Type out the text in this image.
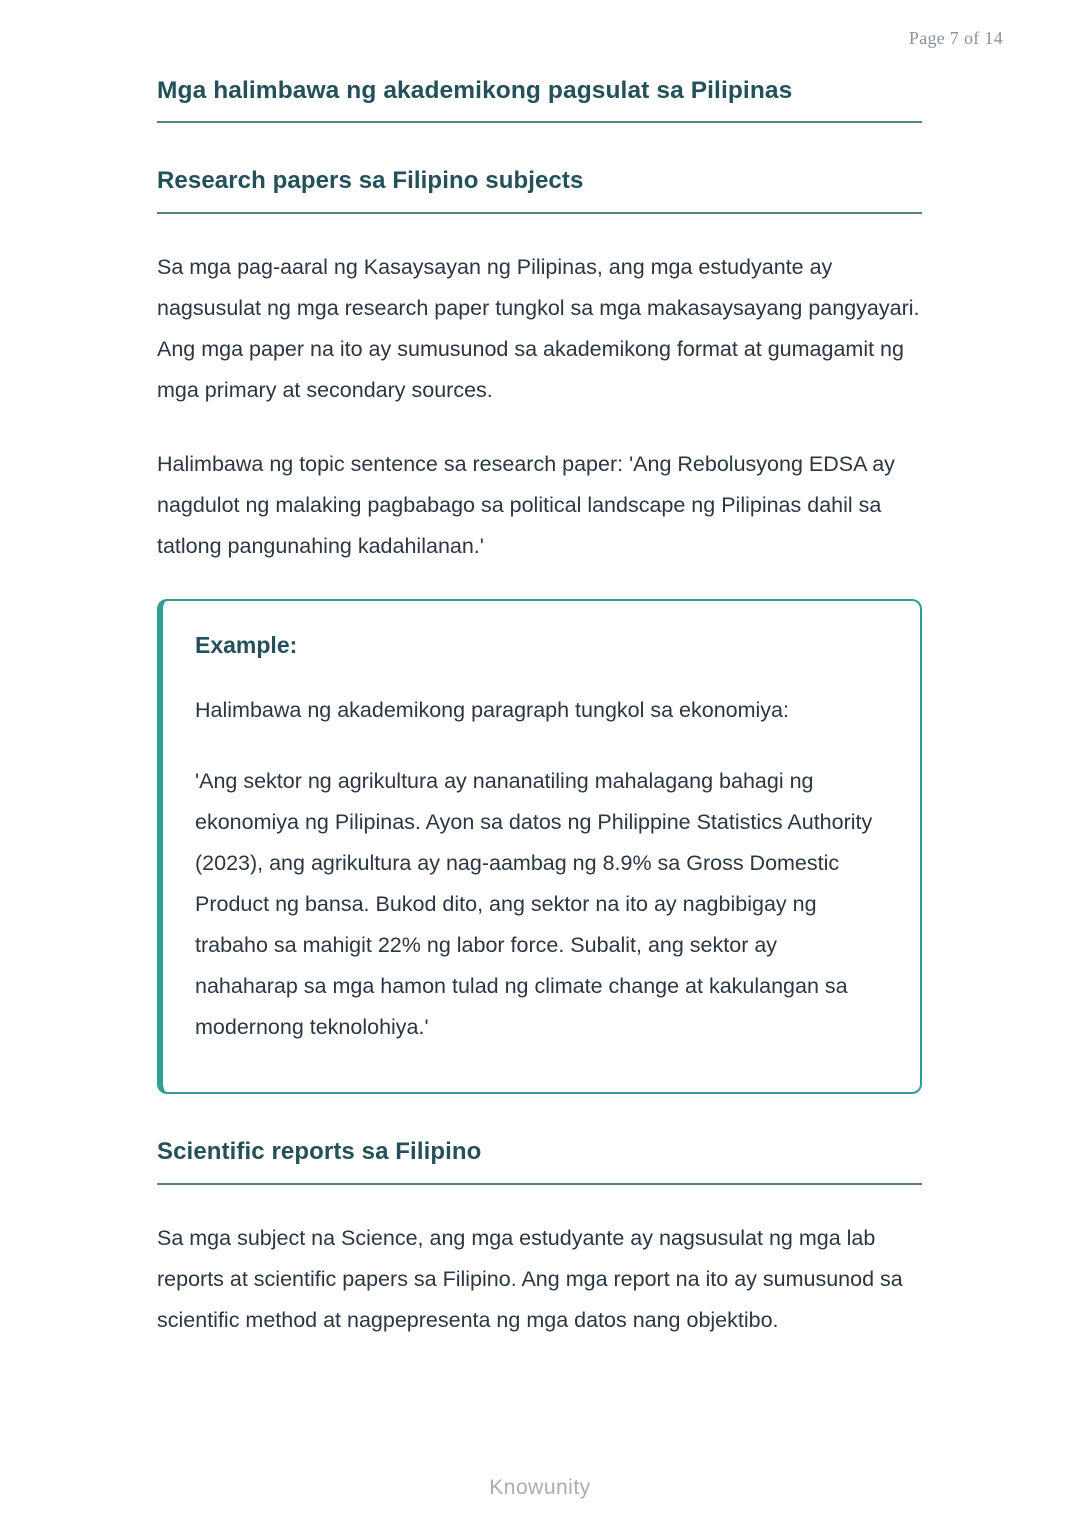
Page 7 of 14
Mga halimbawa ng akademikong pagsulat sa Pilipinas
Research papers sa Filipino subjects

Sa mga pag-aaral ng Kasaysayan ng Pilipinas, ang mga estudyante ay nagsusulat ng mga research paper tungkol sa mga makasaysayang pangyayari. Ang mga paper na ito ay sumusunod sa akademikong format at gumagamit ng mga primary at secondary sources.

Halimbawa ng topic sentence sa research paper: 'Ang Rebolusyong EDSA ay nagdulot ng malaking pagbabago sa political landscape ng Pilipinas dahil sa tatlong pangunahing kadahilanan.'

Example:

Halimbawa ng akademikong paragraph tungkol sa ekonomiya:

'Ang sektor ng agrikultura ay nananatiling mahalagang bahagi ng ekonomiya ng Pilipinas. Ayon sa datos ng Philippine Statistics Authority (2023), ang agrikultura ay nag-aambag ng 8.9% sa Gross Domestic Product ng bansa. Bukod dito, ang sektor na ito ay nagbibigay ng trabaho sa mahigit 22% ng labor force. Subalit, ang sektor ay nahaharap sa mga hamon tulad ng climate change at kakulangan sa modernong teknolohiya.'

Scientific reports sa Filipino

Sa mga subject na Science, ang mga estudyante ay nagsusulat ng mga lab reports at scientific papers sa Filipino. Ang mga report na ito ay sumusunod sa scientific method at nagpepresenta ng mga datos nang objektibo.

Knowunity
